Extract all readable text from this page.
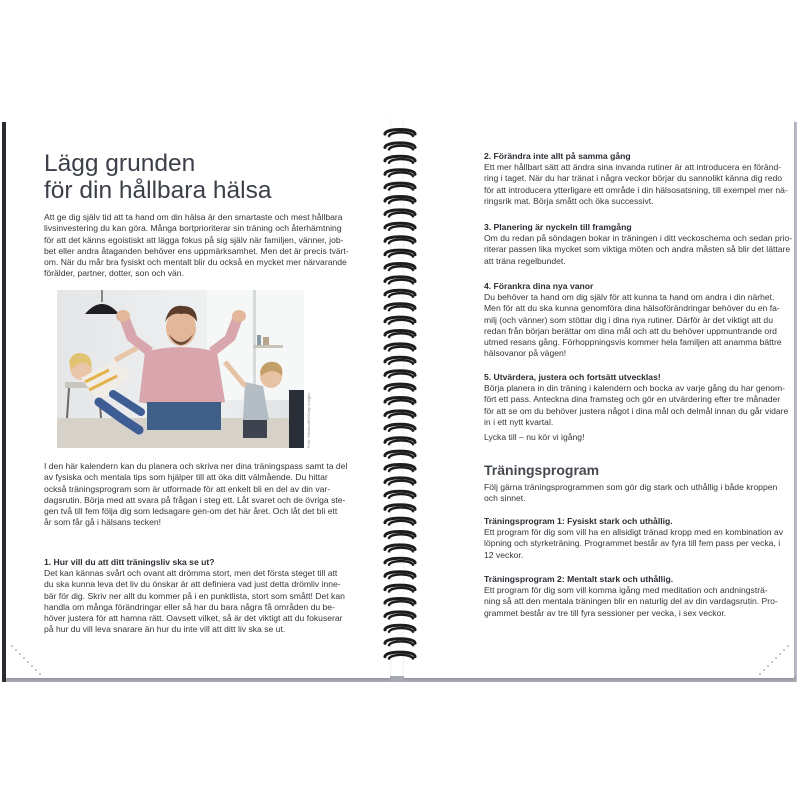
Lägg grunden
för din hållbara hälsa

Att ge dig själv tid att ta hand om din hälsa är den smartaste och mest hållbara
livsinvestering du kan göra. Många bortprioriterar sin träning och återhämtning
för att det känns egoistiskt att lägga fokus på sig själv när familjen, vänner, job-
bet eller andra åtaganden behöver ens uppmärksamhet. Men det är precis tvärt-
om. När du mår bra fysiskt och mentalt blir du också en mycket mer närvarande
förälder, partner, dotter, son och vän.

Foto: Westend61/Getty Images

I den här kalendern kan du planera och skriva ner dina träningspass samt ta del
av fysiska och mentala tips som hjälper till att öka ditt välmående. Du hittar
också träningsprogram som är utformade för att enkelt bli en del av din var-
dagsrutin. Börja med att svara på frågan i steg ett. Låt svaret och de övriga ste-
gen två till fem följa dig som ledsagare gen-om det här året. Och låt det bli ett
år som får gå i hälsans tecken!

1. Hur vill du att ditt träningsliv ska se ut?

Det kan kännas svårt och ovant att drömma stort, men det första steget till att
du ska kunna leva det liv du önskar är att definiera vad just detta drömliv inne-
bär för dig. Skriv ner allt du kommer på i en punktlista, stort som smått! Det kan
handla om många förändringar eller så har du bara några få områden du be-
höver justera för att hamna rätt. Oavsett vilket, så är det viktigt att du fokuserar
på hur du vill leva snarare än hur du inte vill att ditt liv ska se ut.

2. Förändra inte allt på samma gång

Ett mer hållbart sätt att ändra sina invanda rutiner är att introducera en föränd-
ring i taget. När du har tränat i några veckor börjar du sannolikt känna dig redo
för att introducera ytterligare ett område i din hälsosatsning, till exempel mer nä-
ringsrik mat. Börja smått och öka successivt.

3. Planering är nyckeln till framgång

Om du redan på söndagen bokar in träningen i ditt veckoschema och sedan prio-
riterar passen lika mycket som viktiga möten och andra måsten så blir det lättare
att träna regelbundet.

4. Förankra dina nya vanor

Du behöver ta hand om dig själv för att kunna ta hand om andra i din närhet.
Men för att du ska kunna genomföra dina hälsoförändringar behöver du en fa-
milj (och vänner) som stöttar dig i dina nya rutiner. Därför är det viktigt att du
redan från början berättar om dina mål och att du behöver uppmuntrande ord
utmed resans gång. Förhoppningsvis kommer hela familjen att anamma bättre
hälsovanor på vägen!

5. Utvärdera, justera och fortsätt utvecklas!

Börja planera in din träning i kalendern och bocka av varje gång du har genom-
fört ett pass. Anteckna dina framsteg och gör en utvärdering efter tre månader
för att se om du behöver justera något i dina mål och delmål innan du går vidare
in i ett nytt kvartal.

Lycka till – nu kör vi igång!

Träningsprogram

Följ gärna träningsprogrammen som gör dig stark och uthållig i både kroppen
och sinnet.

Träningsprogram 1: Fysiskt stark och uthållig.

Ett program för dig som vill ha en allsidigt tränad kropp med en kombination av
löpning och styrketräning. Programmet består av fyra till fem pass per vecka, i
12 veckor.

Träningsprogram 2: Mentalt stark och uthållig.

Ett program för dig som vill komma igång med meditation och andningsträ-
ning så att den mentala träningen blir en naturlig del av din vardagsrutin. Pro-
grammet består av tre till fyra sessioner per vecka, i sex veckor.
